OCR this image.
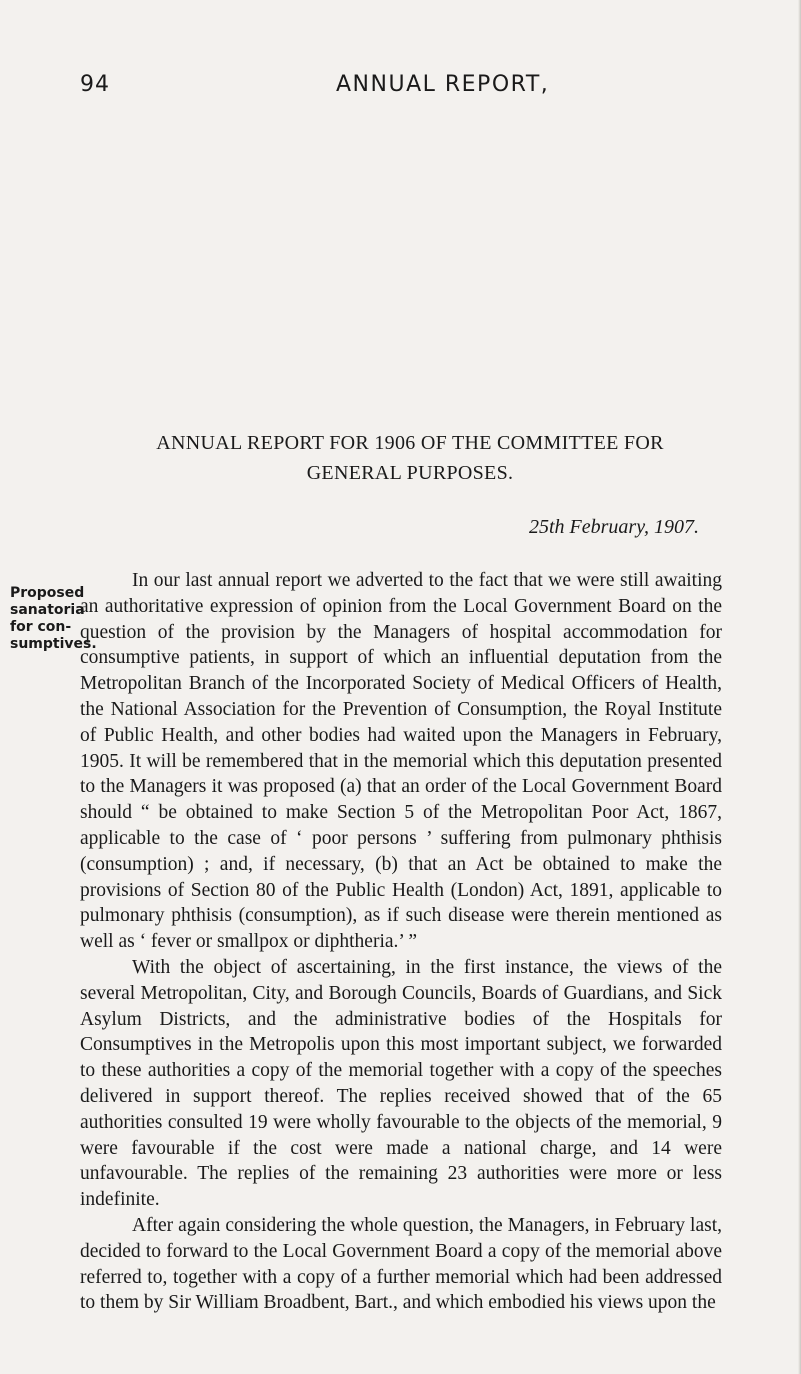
94	ANNUAL REPORT,
ANNUAL REPORT FOR 1906 OF THE COMMITTEE FOR
GENERAL PURPOSES.
25th February, 1907.
Proposed
sanatoria
for con-
sumptives.

In our last annual report we adverted to the fact that we were still awaiting an authoritative expression of opinion from the Local Government Board on the question of the provision by the Managers of hospital accommodation for consumptive patients, in support of which an influential deputation from the Metropolitan Branch of the Incorporated Society of Medical Officers of Health, the National Association for the Prevention of Consumption, the Royal Institute of Public Health, and other bodies had waited upon the Managers in February, 1905. It will be remembered that in the memorial which this deputation presented to the Managers it was proposed (a) that an order of the Local Government Board should “ be obtained to make Section 5 of the Metropolitan Poor Act, 1867, applicable to the case of ‘ poor persons ’ suffering from pulmonary phthisis (consumption) ; and, if necessary, (b) that an Act be obtained to make the provisions of Section 80 of the Public Health (London) Act, 1891, applicable to pulmonary phthisis (consumption), as if such disease were therein mentioned as well as ‘ fever or smallpox or diphtheria.’ ”

With the object of ascertaining, in the first instance, the views of the several Metropolitan, City, and Borough Councils, Boards of Guardians, and Sick Asylum Districts, and the administrative bodies of the Hospitals for Consumptives in the Metropolis upon this most important subject, we forwarded to these authorities a copy of the memorial together with a copy of the speeches delivered in support thereof. The replies received showed that of the 65 authorities consulted 19 were wholly favourable to the objects of the memorial, 9 were favourable if the cost were made a national charge, and 14 were unfavourable. The replies of the remaining 23 authorities were more or less indefinite.

After again considering the whole question, the Managers, in February last, decided to forward to the Local Government Board a copy of the memorial above referred to, together with a copy of a further memorial which had been addressed to them by Sir William Broadbent, Bart., and which embodied his views upon the
